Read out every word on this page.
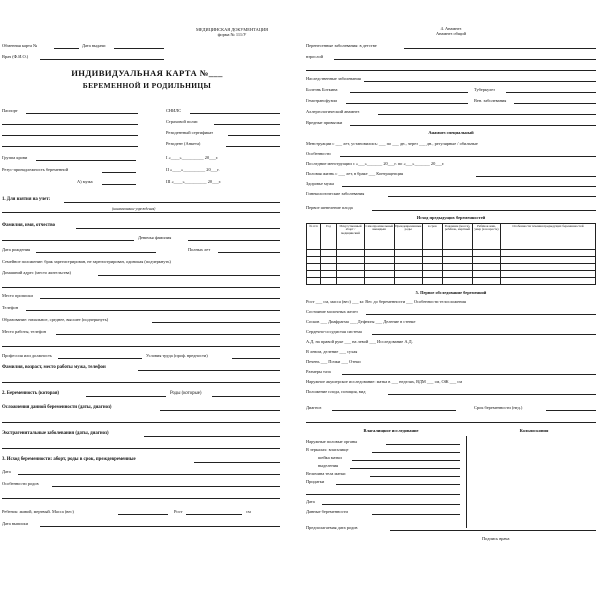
МЕДИЦИНСКАЯ ДОКУМЕНТАЦИЯ
форма № 111/У
Обменная карта №	Дата выдачи
Врач (Ф.И.О.)
ИНДИВИДУАЛЬНАЯ КАРТА №___
БЕРЕМЕННОЙ И РОДИЛЬНИЦЫ
Паспорт	СНИЛС
Страховой полис
Резидентный сертификат
Резидент (Анкета)
Группа крови	I «____»__________ 20___г.
Резус-принадлежность беременной	II «____»__________ 20___г.
А) мужа	III «____»__________ 20___г.
1. Для взятия на учет:
(наименование учреждения)
Фамилия, имя, отчество
Девичья фамилия
Дата рождения	Полных лет
Семейное положение: брак зарегистрирован, не зарегистрирован, одинокая (подчеркнуть)
Домашний адрес (место жительства)
Место прописки
Телефон
Образование: начальное, среднее, высшее (подчеркнуть)
Место работы, телефон
Профессия или должность	Условия труда (проф. вредности)
Фамилия, возраст, место работы мужа, телефон
2. Беременность (которая)	Роды (которые)
Осложнения данной беременности (даты, диагноз)
Экстрагенитальные заболевания (даты, диагноз)
3. Исход беременности: аборт, роды в срок, преждевременные
Дата
Особенности родов
Ребенок: живой, мертвый. Масса (вес)	Рост	см
Дата выписки
4. Анамнез
Анамнез общий
Перенесенные заболевания: в детстве
взрослой
Наследственные заболевания
Болезнь Боткина	Туберкулез
Гемотрансфузии	Вен. заболевания
Аллергологический анамнез
Вредные привычки
Анамнез специальный
Менструации с ___ лет, установились: ___ по ___ дн., через ___ дн., регулярные / обильные
Особенности
Последние менструации с «___»_______ 20___г. по «___»_______ 20___г.
Половая жизнь с ___ лет, в браке ___ Контрацепция
Здоровье мужа
Гинекологические заболевания
Первое шевеление плода
Исход предыдущих беременностей
№ п/п	Год	Искусственный аборт / медицинский	Самопроизвольный выкидыш	Преждевременные роды	в срок	Рождение (масса), ребёнок, мертвый	Ребёнок жив, умер (в возрасте)	Особенности течения предыдущих беременностей

5. Первое обследование беременной
Рост ___ см, масса (вес) ___ кг. Вес до беременности ___ Особенности телосложения
Состояние молочных желез
Сосков ___ Диафрагма ___ Дефекты ___ Деление в стенке
Сердечно-сосудистая система
А.Д. на правой руке ___ на левой ___ Исследование А.Д.
В левом, деление ___ сухая
Печень ___ Почки ___ Отеки
Размеры таза
Наружное акушерское исследование: матка в ___ неделях, ВДМ ___ см, ОЖ ___ см
Положение плода, позиция, вид
Диагноз	Срок беременности (нед.)
Влагалищное исследование	Кольпоскопия
Наружные половые органы
В зеркалах: влагалище
шейка матки
выделения
Величина тела матки
Придатки
Дата
Данные беременности
Предполагаемая дата родов
Подпись врача
